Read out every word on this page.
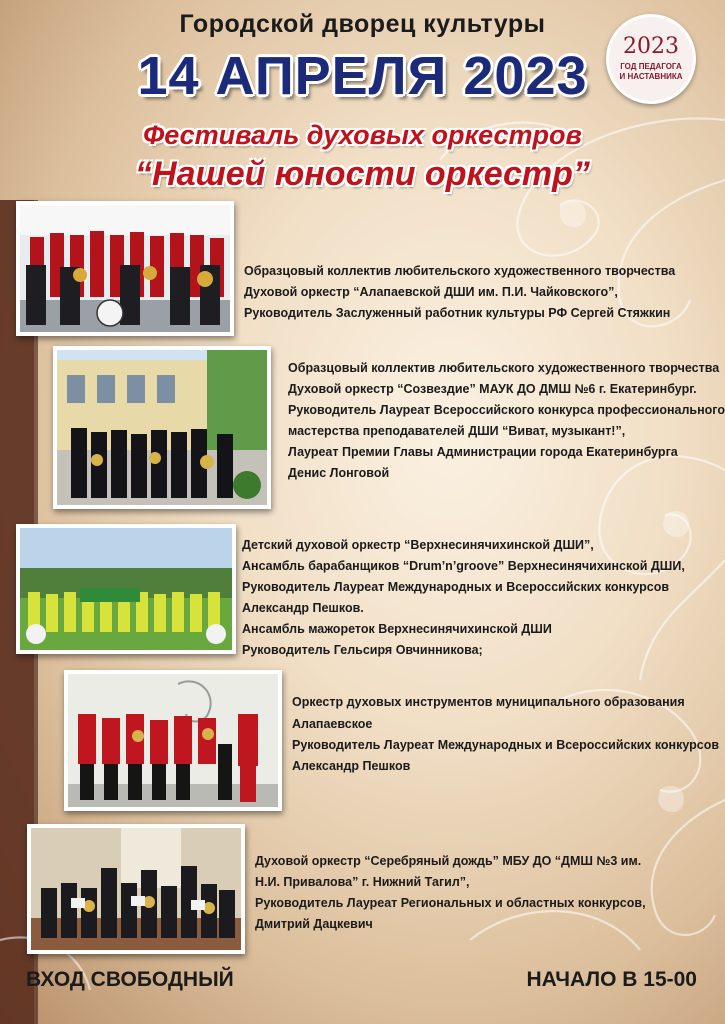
Городской дворец культуры
14 АПРЕЛЯ 2023
Фестиваль духовых оркестров
“Нашей юности оркестр”
2023
ГОД ПЕДАГОГА
И НАСТАВНИКА
Образцовый коллектив любительского художественного творчества
Духовой оркестр “Алапаевской ДШИ им. П.И. Чайковского”,
Руководитель Заслуженный работник культуры РФ Сергей Стяжкин
Образцовый коллектив любительского художественного творчества
Духовой оркестр “Созвездие” МАУК ДО ДМШ №6 г. Екатеринбург.
Руководитель Лауреат Всероссийского конкурса профессионального
мастерства преподавателей ДШИ “Виват, музыкант!”,
Лауреат Премии Главы Администрации города Екатеринбурга
Денис Лонговой
Детский духовой оркестр “Верхнесинячихинской ДШИ”,
Ансамбль барабанщиков “Drum’n’groove” Верхнесинячихинской ДШИ,
Руководитель Лауреат Международных и Всероссийских конкурсов
Александр Пешков.
Ансамбль мажореток Верхнесинячихинской ДШИ
Руководитель Гельсиря Овчинникова;
Оркестр духовых инструментов муниципального образования
Алапаевское
Руководитель Лауреат Международных и Всероссийских конкурсов
Александр Пешков
Духовой оркестр “Серебряный дождь” МБУ ДО “ДМШ №3 им.
Н.И. Привалова” г. Нижний Тагил”,
Руководитель Лауреат Региональных и областных конкурсов,
Дмитрий Дацкевич
ВХОД СВОБОДНЫЙ	НАЧАЛО В 15-00
